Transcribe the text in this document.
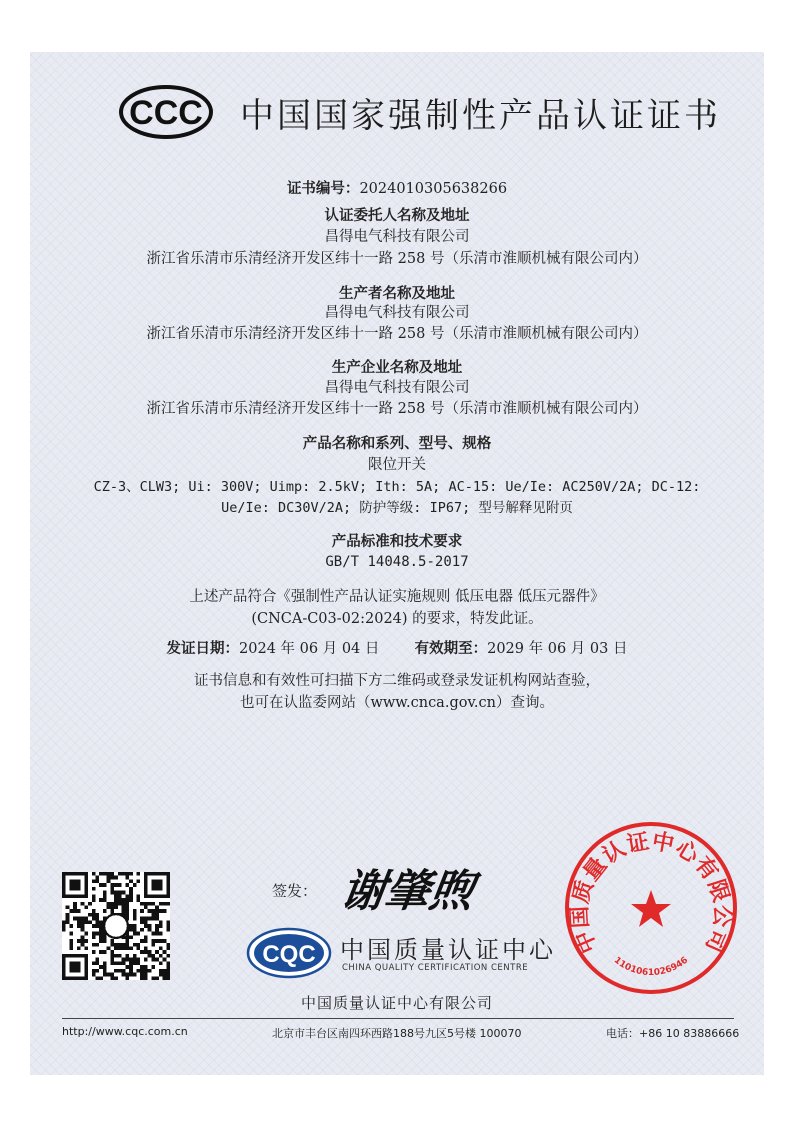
CCC 中国国家强制性产品认证证书
证书编号：2024010305638266
认证委托人名称及地址
昌得电气科技有限公司
浙江省乐清市乐清经济开发区纬十一路 258 号（乐清市淮顺机械有限公司内）
生产者名称及地址
昌得电气科技有限公司
浙江省乐清市乐清经济开发区纬十一路 258 号（乐清市淮顺机械有限公司内）
生产企业名称及地址
昌得电气科技有限公司
浙江省乐清市乐清经济开发区纬十一路 258 号（乐清市淮顺机械有限公司内）
产品名称和系列、型号、规格
限位开关
CZ-3、CLW3; Ui: 300V; Uimp: 2.5kV; Ith: 5A; AC-15: Ue/Ie: AC250V/2A; DC-12:
Ue/Ie: DC30V/2A; 防护等级: IP67; 型号解释见附页
产品标准和技术要求
GB/T 14048.5-2017
上述产品符合《强制性产品认证实施规则 低压电器 低压元器件》
(CNCA-C03-02:2024) 的要求，特发此证。
发证日期：2024 年 06 月 04 日 有效期至：2029 年 06 月 03 日
证书信息和有效性可扫描下方二维码或登录发证机构网站查验，
也可在认监委网站（www.cnca.gov.cn）查询。
签发： 谢肇煦
CQC 中国质量认证中心
CHINA QUALITY CERTIFICATION CENTRE
中国质量认证中心有限公司
1101061026946
中国质量认证中心有限公司
http://www.cqc.com.cn	北京市丰台区南四环西路188号九区5号楼 100070	电话：+86 10 83886666
